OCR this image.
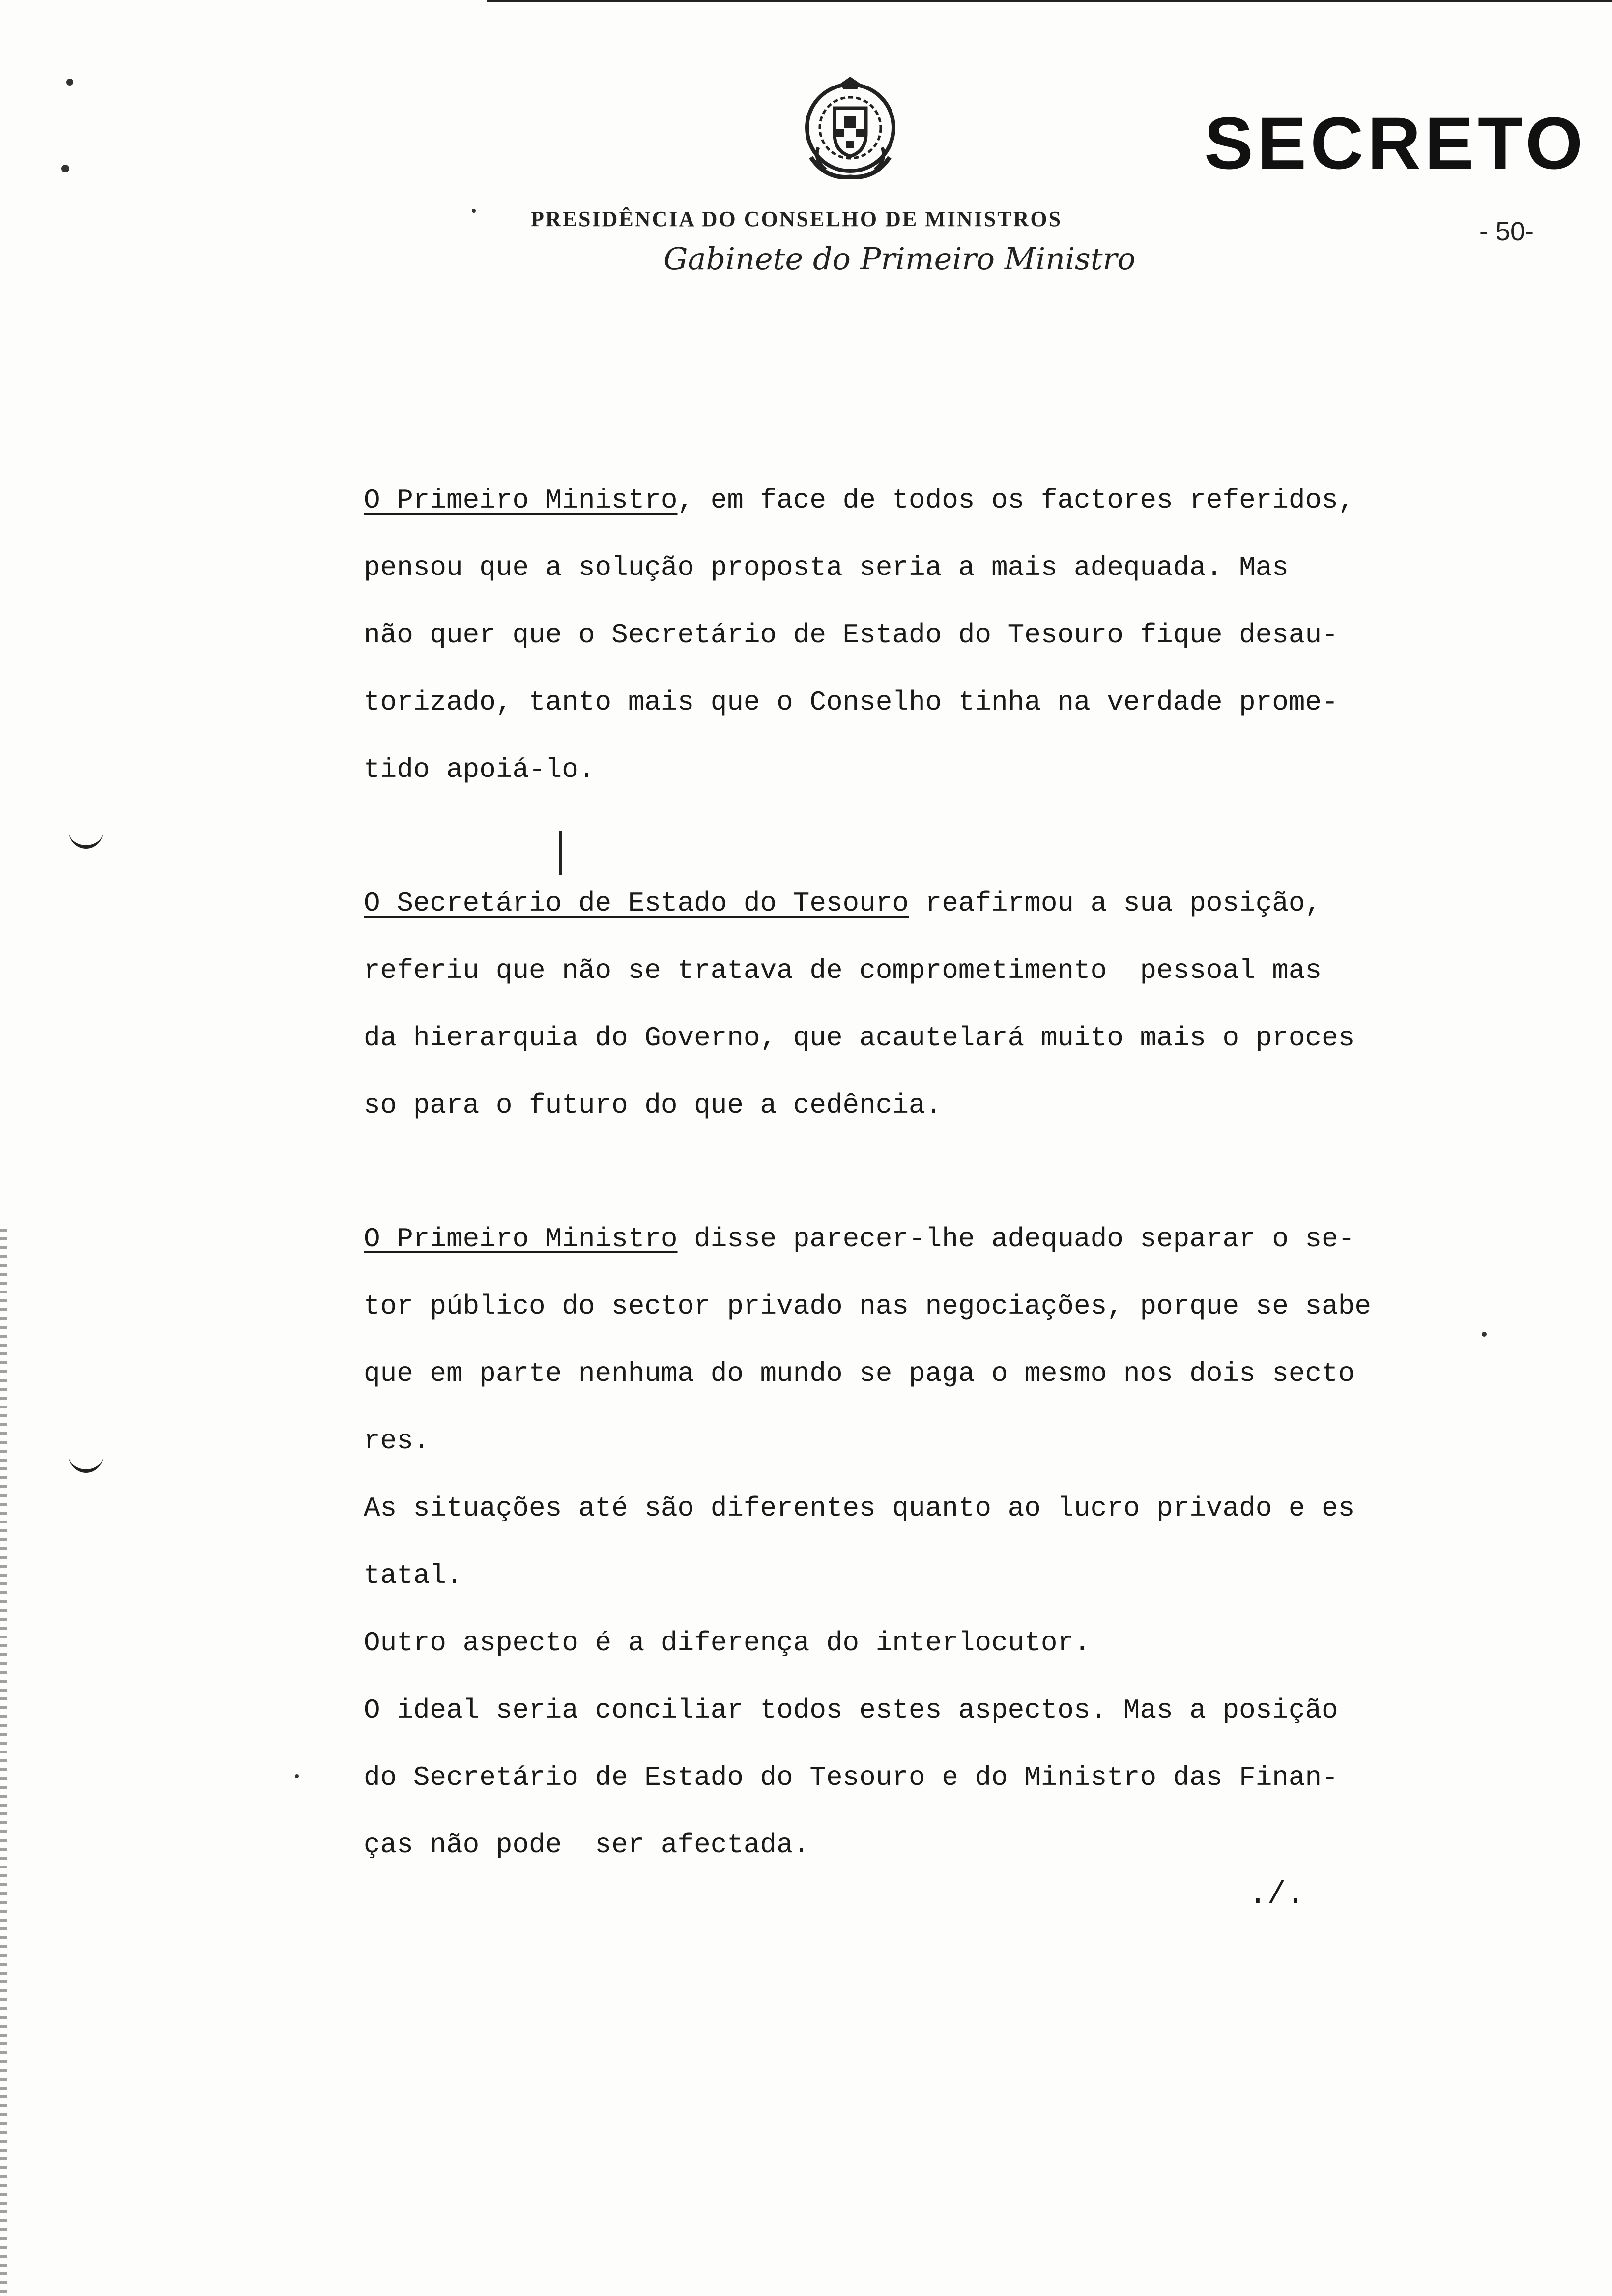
PRESIDÊNCIA DO CONSELHO DE MINISTROS
Gabinete do Primeiro Ministro
SECRETO
- 50-
O Primeiro Ministro, em face de todos os factores referidos,
pensou que a solução proposta seria a mais adequada. Mas
não quer que o Secretário de Estado do Tesouro fique desau-
torizado, tanto mais que o Conselho tinha na verdade prome-
tido apoiá-lo.
O Secretário de Estado do Tesouro reafirmou a sua posição,
referiu que não se tratava de comprometimento  pessoal mas
da hierarquia do Governo, que acautelará muito mais o proces
so para o futuro do que a cedência.
O Primeiro Ministro disse parecer-lhe adequado separar o se-
tor público do sector privado nas negociações, porque se sabe
que em parte nenhuma do mundo se paga o mesmo nos dois secto
res.
As situações até são diferentes quanto ao lucro privado e es
tatal.
Outro aspecto é a diferença do interlocutor.
O ideal seria conciliar todos estes aspectos. Mas a posição
do Secretário de Estado do Tesouro e do Ministro das Finan-
ças não pode  ser afectada.
./.
